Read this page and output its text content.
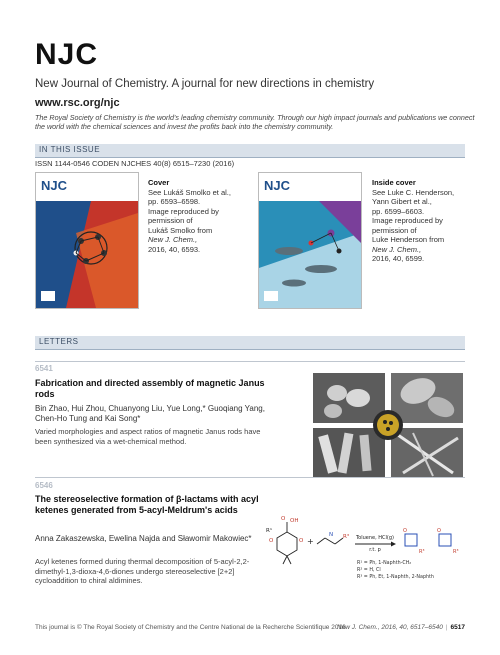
NJC
New Journal of Chemistry. A journal for new directions in chemistry
www.rsc.org/njc
The Royal Society of Chemistry is the world's leading chemistry community. Through our high impact journals and publications we connect the world with the chemical sciences and invest the profits back into the chemistry community.
IN THIS ISSUE
ISSN 1144-0546 CODEN NJCHES 40(8) 6515–7230 (2016)
NJC	Cover
See Lukáš Smolko et al.,
pp. 6593–6598.
Image reproduced by
permission of
Lukáš Smolko from
New J. Chem.,
2016, 40, 6593.
NJC	Inside cover
See Luke C. Henderson,
Yann Gibert et al.,
pp. 6599–6603.
Image reproduced by
permission of
Luke Henderson from
New J. Chem.,
2016, 40, 6599.
LETTERS
6541
Fabrication and directed assembly of magnetic Janus rods
Bin Zhao, Hui Zhou, Chuanyong Liu, Yue Long,* Guoqiang Yang, Chen-Ho Tung and Kai Song*
Varied morphologies and aspect ratios of magnetic Janus rods have been synthesized via a wet-chemical method.
6546
The stereoselective formation of β-lactams with acyl ketenes generated from 5-acyl-Meldrum's acids
Anna Zakaszewska, Ewelina Najda and Sławomir Makowiec*
Acyl ketenes formed during thermal decomposition of 5-acyl-2,2-dimethyl-1,3-dioxa-4,6-diones undergo stereoselective [2+2] cycloaddition to chiral aldimines.
O OH
O	O
R¹
+
N R³ Toluene, HCl(g)
r.t. p
O
R³
O
R³
R¹ = Ph, 1-Naphth-CH₂
R² = H, Cl
R³ = Ph, Et, 1-Naphth, 2-Naphth
This journal is © The Royal Society of Chemistry and the Centre National de la Recherche Scientifique 2016
New J. Chem., 2016, 40, 6517–6540 | 6517
